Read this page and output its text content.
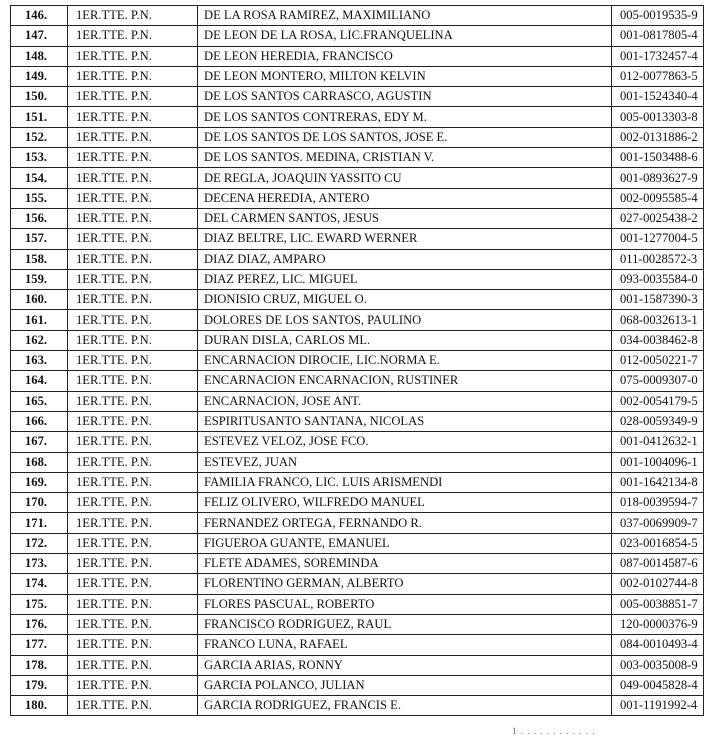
146.	1ER.TTE. P.N.	DE LA ROSA RAMIREZ, MAXIMILIANO	005-0019535-9
147.	1ER.TTE. P.N.	DE LEON DE LA ROSA, LIC.FRANQUELINA	001-0817805-4
148.	1ER.TTE. P.N.	DE LEON HEREDIA, FRANCISCO	001-1732457-4
149.	1ER.TTE. P.N.	DE LEON MONTERO, MILTON KELVIN	012-0077863-5
150.	1ER.TTE. P.N.	DE LOS SANTOS CARRASCO, AGUSTIN	001-1524340-4
151.	1ER.TTE. P.N.	DE LOS SANTOS CONTRERAS, EDY M.	005-0013303-8
152.	1ER.TTE. P.N.	DE LOS SANTOS DE LOS SANTOS, JOSE E.	002-0131886-2
153.	1ER.TTE. P.N.	DE LOS SANTOS. MEDINA, CRISTIAN V.	001-1503488-6
154.	1ER.TTE. P.N.	DE REGLA, JOAQUIN YASSITO CU	001-0893627-9
155.	1ER.TTE. P.N.	DECENA HEREDIA, ANTERO	002-0095585-4
156.	1ER.TTE. P.N.	DEL CARMEN SANTOS, JESUS	027-0025438-2
157.	1ER.TTE. P.N.	DIAZ BELTRE, LIC. EWARD WERNER	001-1277004-5
158.	1ER.TTE. P.N.	DIAZ DIAZ, AMPARO	011-0028572-3
159.	1ER.TTE. P.N.	DIAZ PEREZ, LIC. MIGUEL	093-0035584-0
160.	1ER.TTE. P.N.	DIONISIO CRUZ, MIGUEL O.	001-1587390-3
161.	1ER.TTE. P.N.	DOLORES DE LOS SANTOS, PAULINO	068-0032613-1
162.	1ER.TTE. P.N.	DURAN DISLA, CARLOS ML.	034-0038462-8
163.	1ER.TTE. P.N.	ENCARNACION DIROCIE, LIC.NORMA E.	012-0050221-7
164.	1ER.TTE. P.N.	ENCARNACION ENCARNACION, RUSTINER	075-0009307-0
165.	1ER.TTE. P.N.	ENCARNACION, JOSE ANT.	002-0054179-5
166.	1ER.TTE. P.N.	ESPIRITUSANTO SANTANA, NICOLAS	028-0059349-9
167.	1ER.TTE. P.N.	ESTEVEZ VELOZ, JOSE FCO.	001-0412632-1
168.	1ER.TTE. P.N.	ESTEVEZ, JUAN	001-1004096-1
169.	1ER.TTE. P.N.	FAMILIA FRANCO, LIC. LUIS ARISMENDI	001-1642134-8
170.	1ER.TTE. P.N.	FELIZ OLIVERO, WILFREDO MANUEL	018-0039594-7
171.	1ER.TTE. P.N.	FERNANDEZ ORTEGA, FERNANDO R.	037-0069909-7
172.	1ER.TTE. P.N.	FIGUEROA GUANTE, EMANUEL	023-0016854-5
173.	1ER.TTE. P.N.	FLETE ADAMES, SOREMINDA	087-0014587-6
174.	1ER.TTE. P.N.	FLORENTINO GERMAN, ALBERTO	002-0102744-8
175.	1ER.TTE. P.N.	FLORES PASCUAL, ROBERTO	005-0038851-7
176.	1ER.TTE. P.N.	FRANCISCO RODRIGUEZ, RAUL	120-0000376-9
177.	1ER.TTE. P.N.	FRANCO LUNA, RAFAEL	084-0010493-4
178.	1ER.TTE. P.N.	GARCIA ARIAS, RONNY	003-0035008-9
179.	1ER.TTE. P.N.	GARCIA POLANCO, JULIAN	049-0045828-4
180.	1ER.TTE. P.N.	GARCIA RODRIGUEZ, FRANCIS E.	001-1191992-4
1 . . . . . . . . . . . .
